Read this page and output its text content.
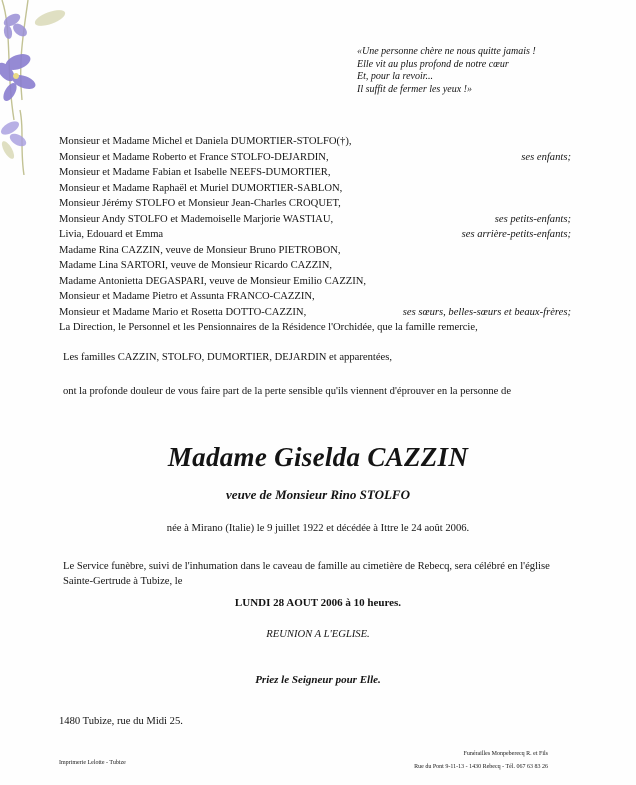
«Une personne chère ne nous quitte jamais !
Elle vit au plus profond de notre cœur
Et, pour la revoir...
Il suffit de fermer les yeux !»
Monsieur et Madame Michel et Daniela DUMORTIER-STOLFO(†),
Monsieur et Madame Roberto et France STOLFO-DEJARDIN,	ses enfants;
Monsieur et Madame Fabian et Isabelle NEEFS-DUMORTIER,
Monsieur et Madame Raphaël et Muriel DUMORTIER-SABLON,
Monsieur Jérémy STOLFO et Monsieur Jean-Charles CROQUET,
Monsieur Andy STOLFO et Mademoiselle Marjorie WASTIAU,	ses petits-enfants;
Livia, Edouard et Emma	ses arrière-petits-enfants;
Madame Rina CAZZIN, veuve de Monsieur Bruno PIETROBON,
Madame Lina SARTORI, veuve de Monsieur Ricardo CAZZIN,
Madame Antonietta DEGASPARI, veuve de Monsieur Emilio CAZZIN,
Monsieur et Madame Pietro et Assunta FRANCO-CAZZIN,
Monsieur et Madame Mario et Rosetta DOTTO-CAZZIN,	ses sœurs, belles-sœurs et beaux-frères;
La Direction, le Personnel et les Pensionnaires de la Résidence l'Orchidée, que la famille remercie,
Les familles CAZZIN, STOLFO, DUMORTIER, DEJARDIN et apparentées,
ont la profonde douleur de vous faire part de la perte sensible qu'ils viennent d'éprouver en la personne de
Madame Giselda CAZZIN
veuve de Monsieur Rino STOLFO
née à Mirano (Italie) le 9 juillet 1922 et décédée à Ittre le 24 août 2006.
Le Service funèbre, suivi de l'inhumation dans le caveau de famille au cimetière de Rebecq, sera célébré en l'église Sainte-Gertrude à Tubize, le
LUNDI 28 AOUT 2006 à 10 heures.
REUNION A L'EGLISE.
Priez le Seigneur pour Elle.
1480 Tubize, rue du Midi 25.
Imprimerie Lelotte - Tubize
Funérailles Monpeberecq R. et Fils
Rue du Pont 9-11-13 - 1430 Rebecq - Tél. 067 63 83 26
